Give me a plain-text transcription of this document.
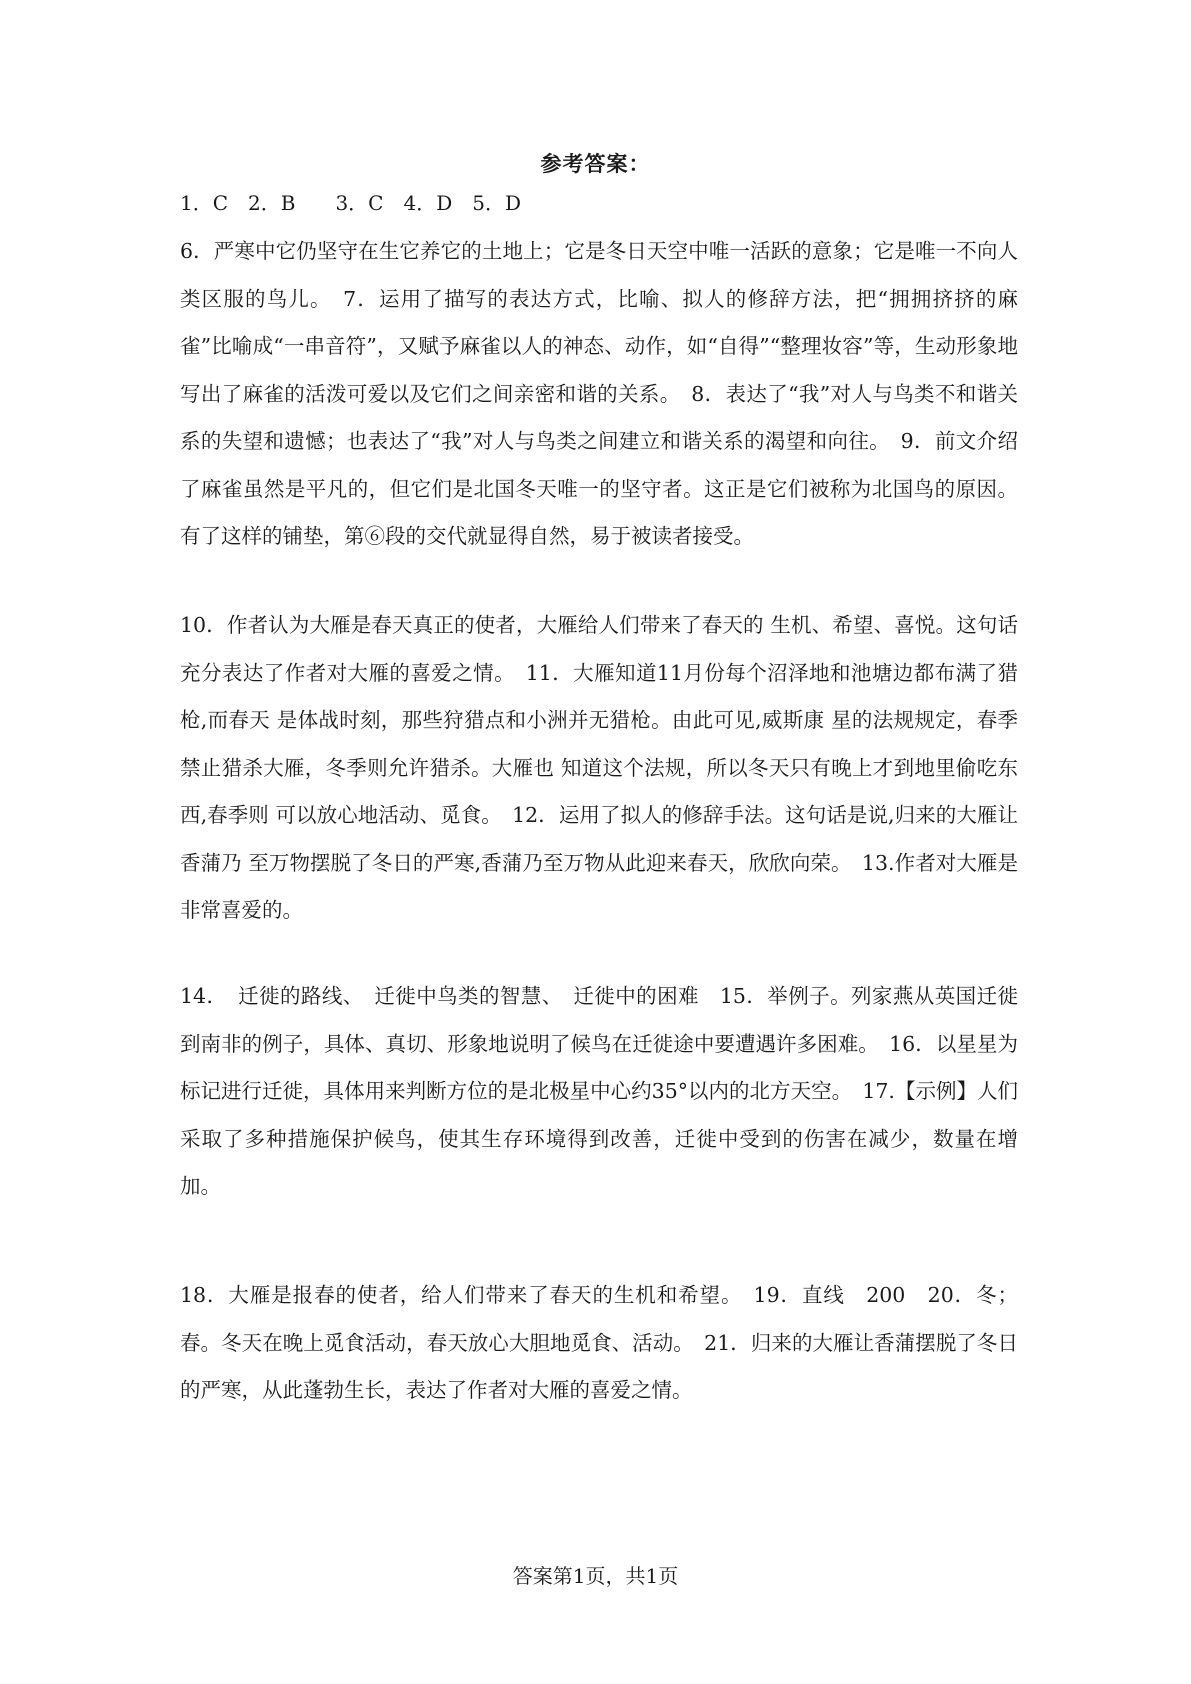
参考答案：
1．C　2．B　　3．C　4．D　5．D

6．严寒中它仍坚守在生它养它的土地上；它是冬日天空中唯一活跃的意象；它是唯一不向人类区服的鸟儿。　7．运用了描写的表达方式，比喻、拟人的修辞方法，把“拥拥挤挤的麻雀”比喻成“一串音符”，又赋予麻雀以人的神态、动作，如“自得”“整理妆容”等，生动形象地写出了麻雀的活泼可爱以及它们之间亲密和谐的关系。　8．表达了“我”对人与鸟类不和谐关系的失望和遗憾；也表达了“我”对人与鸟类之间建立和谐关系的渴望和向往。　9．前文介绍了麻雀虽然是平凡的，但它们是北国冬天唯一的坚守者。这正是它们被称为北国鸟的原因。有了这样的铺垫，第⑥段的交代就显得自然，易于被读者接受。

10．作者认为大雁是春天真正的使者，大雁给人们带来了春天的 生机、希望、喜悦。这句话充分表达了作者对大雁的喜爱之情。　11．大雁知道11月份每个沼泽地和池塘边都布满了猎枪,而春天 是体战时刻，那些狩猎点和小洲并无猎枪。由此可见,威斯康 星的法规规定，春季禁止猎杀大雁，冬季则允许猎杀。大雁也 知道这个法规，所以冬天只有晚上才到地里偷吃东西,春季则 可以放心地活动、觅食。　12．运用了拟人的修辞手法。这句话是说,归来的大雁让香蒲乃 至万物摆脱了冬日的严寒,香蒲乃至万物从此迎来春天，欣欣向荣。　13.作者对大雁是非常喜爱的。

14．　迁徙的路线、　迁徙中鸟类的智慧、　迁徙中的困难　15．举例子。列家燕从英国迁徙到南非的例子，具体、真切、形象地说明了候鸟在迁徙途中要遭遇许多困难。　16．以星星为标记进行迁徙，具体用来判断方位的是北极星中心约35°以内的北方天空。　17.【示例】人们采取了多种措施保护候鸟，使其生存环境得到改善，迁徙中受到的伤害在减少，数量在增加。

18．大雁是报春的使者，给人们带来了春天的生机和希望。　19．直线　200　20．冬；春。冬天在晚上觅食活动，春天放心大胆地觅食、活动。　21．归来的大雁让香蒲摆脱了冬日的严寒，从此蓬勃生长，表达了作者对大雁的喜爱之情。

答案第1页，共1页
